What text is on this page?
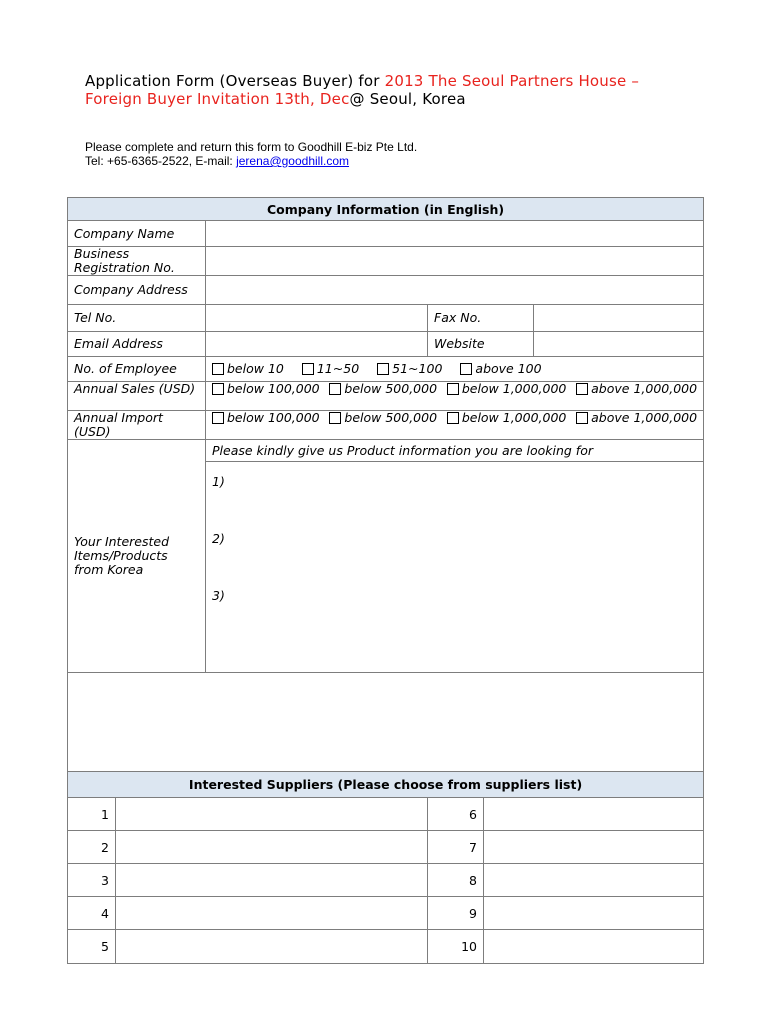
Application Form (Overseas Buyer) for 2013 The Seoul Partners House – Foreign Buyer Invitation 13th, Dec@ Seoul, Korea
Please complete and return this form to Goodhill E-biz Pte Ltd.
Tel: +65-6365-2522, E-mail: jerena@goodhill.com
Company Information (in English)					
Company Name					
Business Registration No.					
Company Address					
Tel No.			Fax No.		
Email Address			Website		
No. of Employee		below 10 11~50 51~100 above 100			
Annual Sales (USD)		below 100,000 below 500,000 below 1,000,000 above 1,000,000			

Annual Import (USD)		below 100,000 below 500,000 below 1,000,000 above 1,000,000			

Your Interested Items/Products from Korea		Please kindly give us Product information you are looking for			

		1)
2)
3)			

Interested Suppliers (Please choose from suppliers list)					
1			6		
2			7		
3			8		
4			9		
5			10		
